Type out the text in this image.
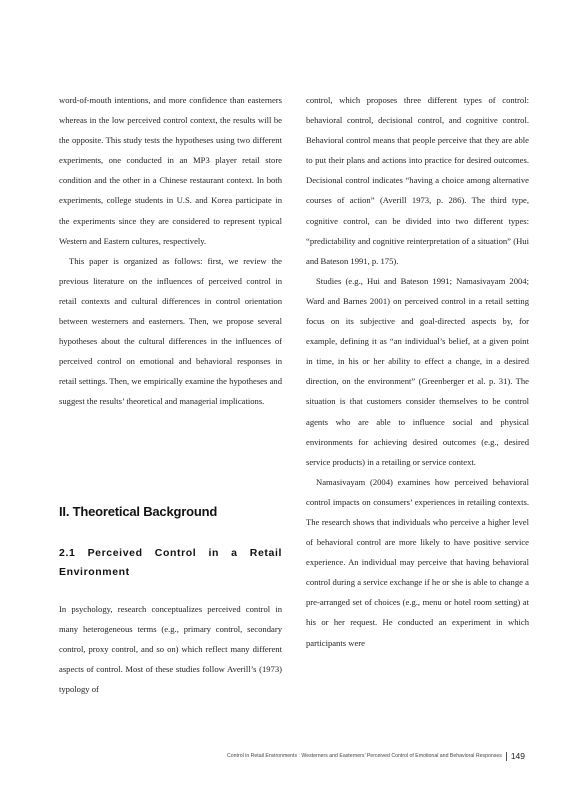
word-of-mouth intentions, and more confidence than easterners whereas in the low perceived control context, the results will be the opposite. This study tests the hypotheses using two different experiments, one conducted in an MP3 player retail store condition and the other in a Chinese restaurant context. In both experiments, college students in U.S. and Korea participate in the experiments since they are considered to represent typical Western and Eastern cultures, respectively.

This paper is organized as follows: first, we review the previous literature on the influences of perceived control in retail contexts and cultural differences in control orientation between westerners and easterners. Then, we propose several hypotheses about the cultural differences in the influences of perceived control on emotional and behavioral responses in retail settings. Then, we empirically examine the hypotheses and suggest the results’ theoretical and managerial implications.

II. Theoretical Background
2.1 Perceived Control in a Retail Environment

In psychology, research conceptualizes perceived control in many heterogeneous terms (e.g., primary control, secondary control, proxy control, and so on) which reflect many different aspects of control. Most of these studies follow Averill’s (1973) typology of

control, which proposes three different types of control: behavioral control, decisional control, and cognitive control. Behavioral control means that people perceive that they are able to put their plans and actions into practice for desired outcomes. Decisional control indicates “having a choice among alternative courses of action” (Averill 1973, p. 286). The third type, cognitive control, can be divided into two different types: “predictability and cognitive reinterpretation of a situation” (Hui and Bateson 1991, p. 175).

Studies (e.g., Hui and Bateson 1991; Namasivayam 2004; Ward and Barnes 2001) on perceived control in a retail setting focus on its subjective and goal-directed aspects by, for example, defining it as “an individual’s belief, at a given point in time, in his or her ability to effect a change, in a desired direction, on the environment” (Greenberger et al. p. 31). The situation is that customers consider themselves to be control agents who are able to influence social and physical environments for achieving desired outcomes (e.g., desired service products) in a retailing or service context.

Namasivayam (2004) examines how perceived behavioral control impacts on consumers’ experiences in retailing contexts. The research shows that individuals who perceive a higher level of behavioral control are more likely to have positive service experience. An individual may perceive that having behavioral control during a service exchange if he or she is able to change a pre-arranged set of choices (e.g., menu or hotel room setting) at his or her request. He conducted an experiment in which participants were

Control in Retail Environments : Westerners and Easterners’ Perceived Control of Emotional and Behavioral Responses 149
